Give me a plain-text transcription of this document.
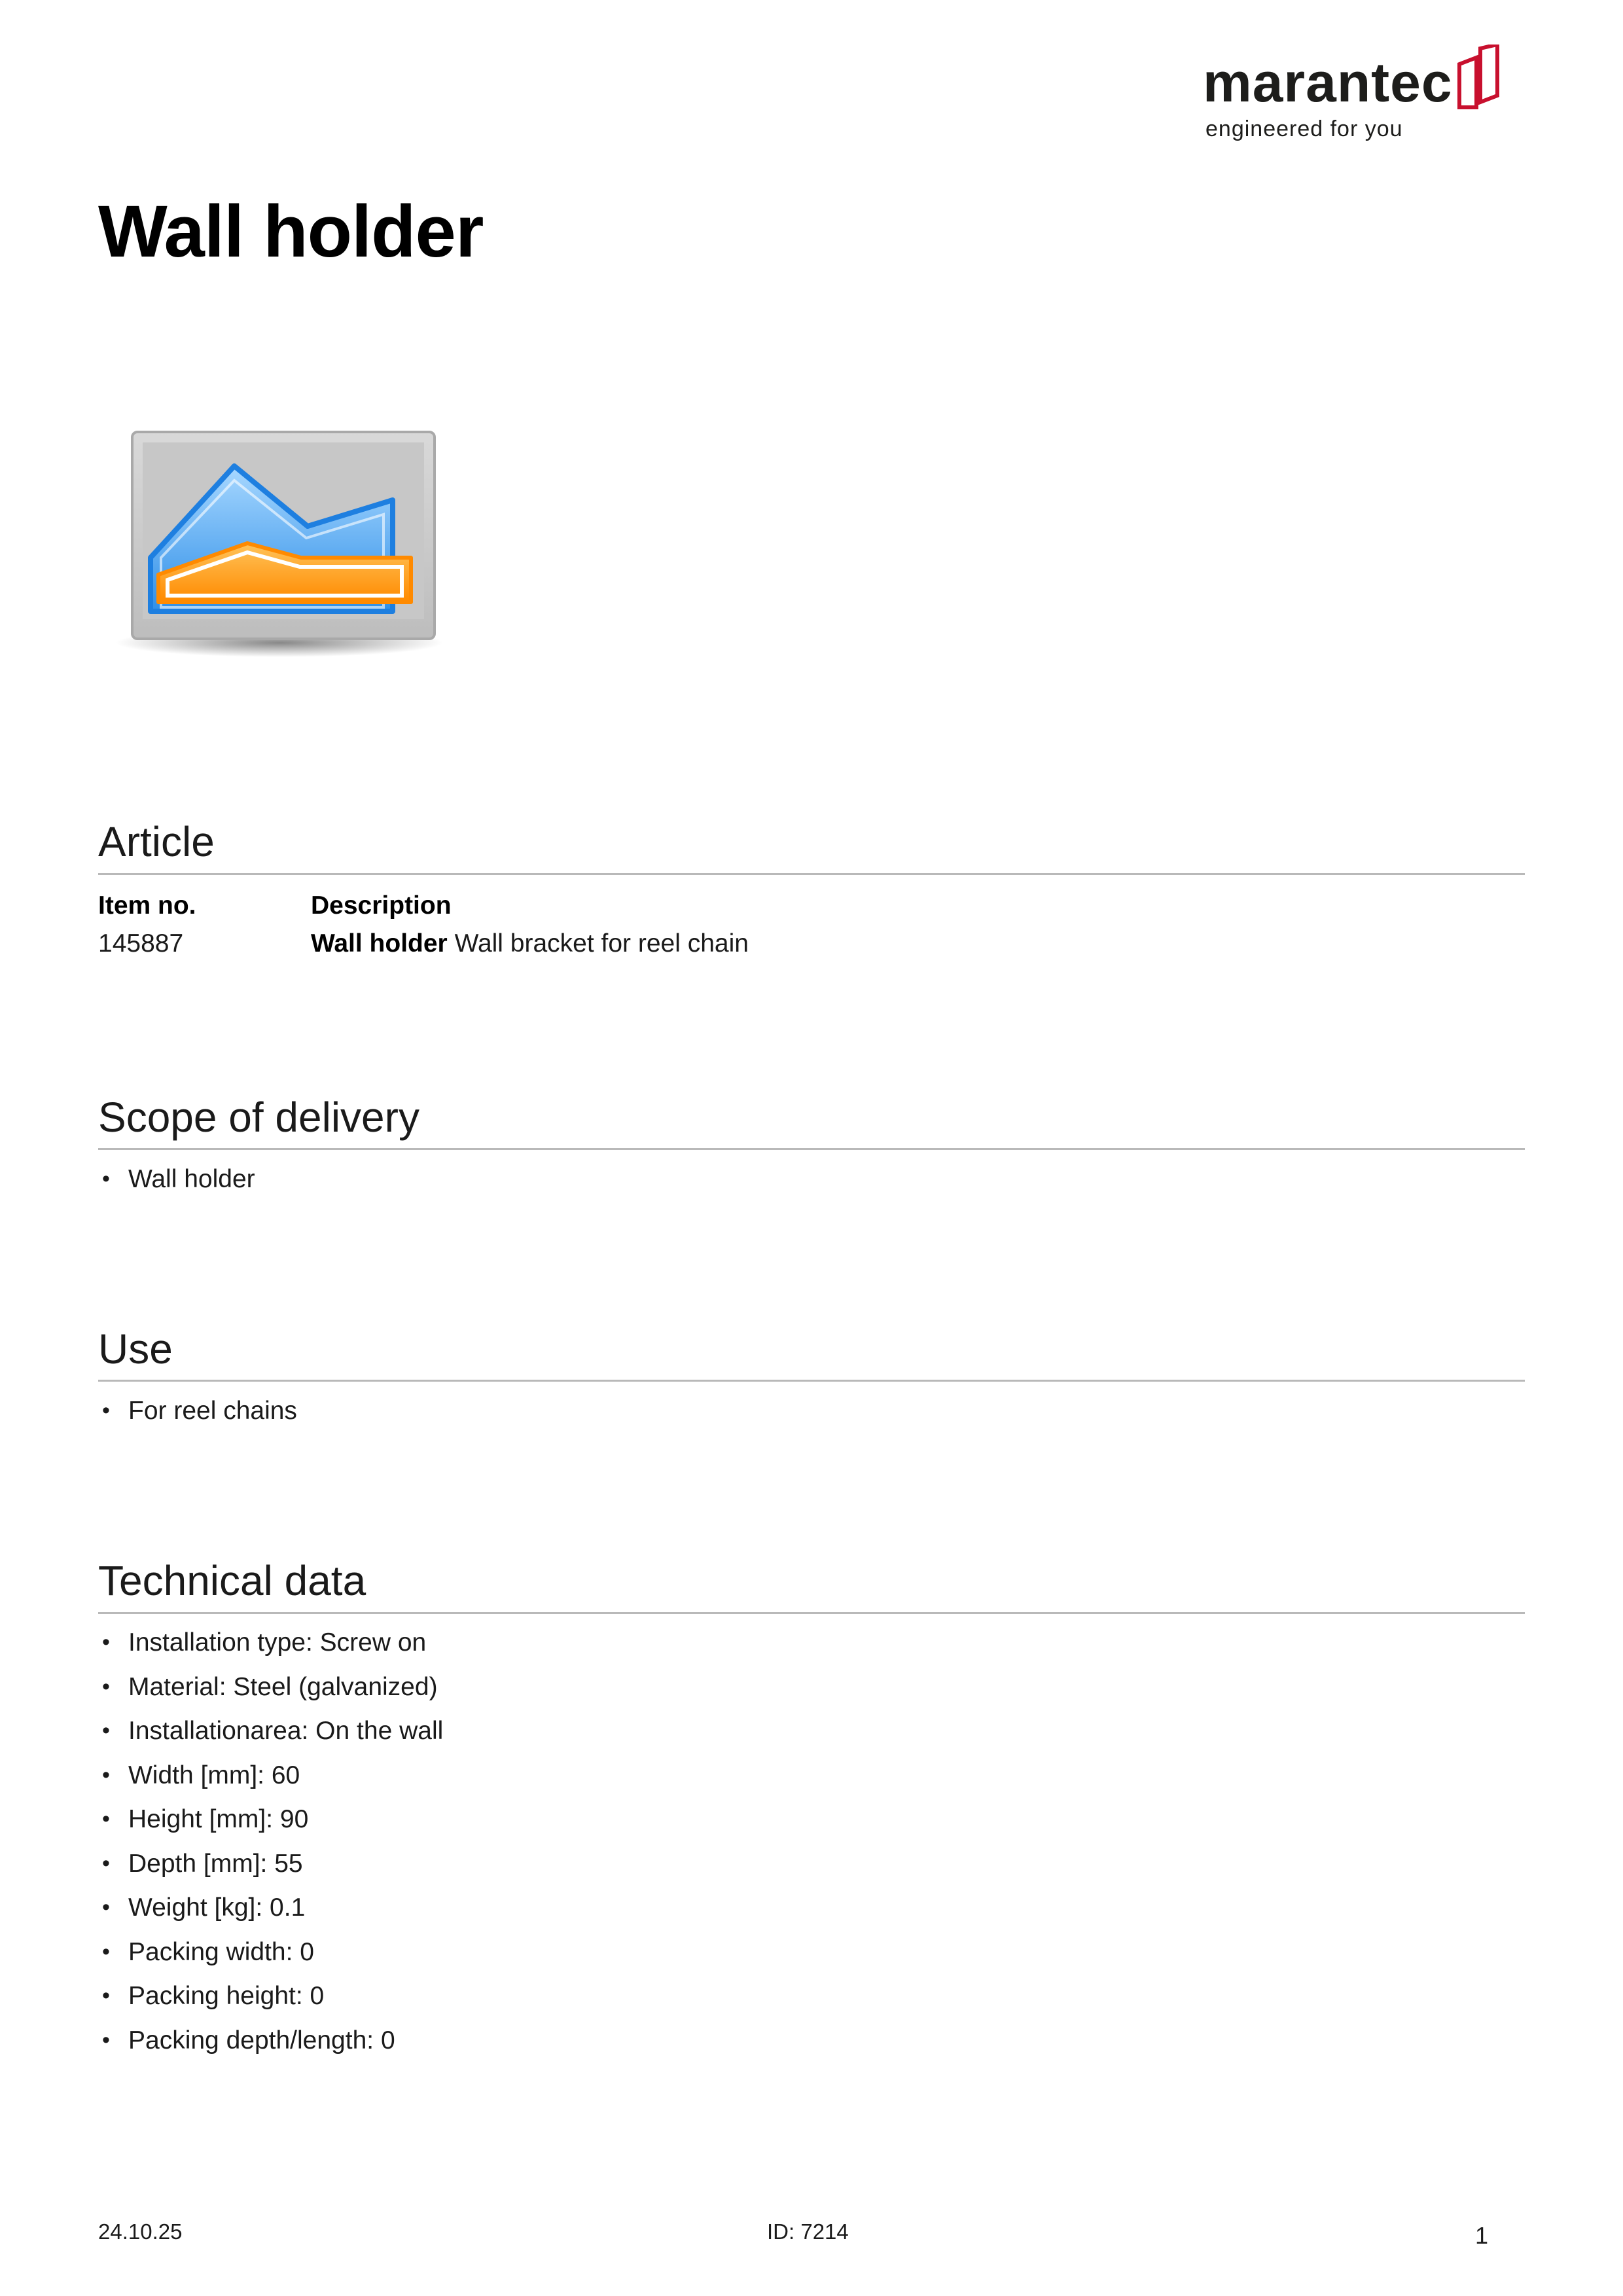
marantec
engineered for you
Wall holder
Article
Item no.	Description
145887	Wall holder Wall bracket for reel chain
Scope of delivery
• Wall holder
Use
• For reel chains
Technical data
• Installation type: Screw on
• Material: Steel (galvanized)
• Installationarea: On the wall
• Width [mm]: 60
• Height [mm]: 90
• Depth [mm]: 55
• Weight [kg]: 0.1
• Packing width: 0
• Packing height: 0
• Packing depth/length: 0
24.10.25	ID: 7214	1
